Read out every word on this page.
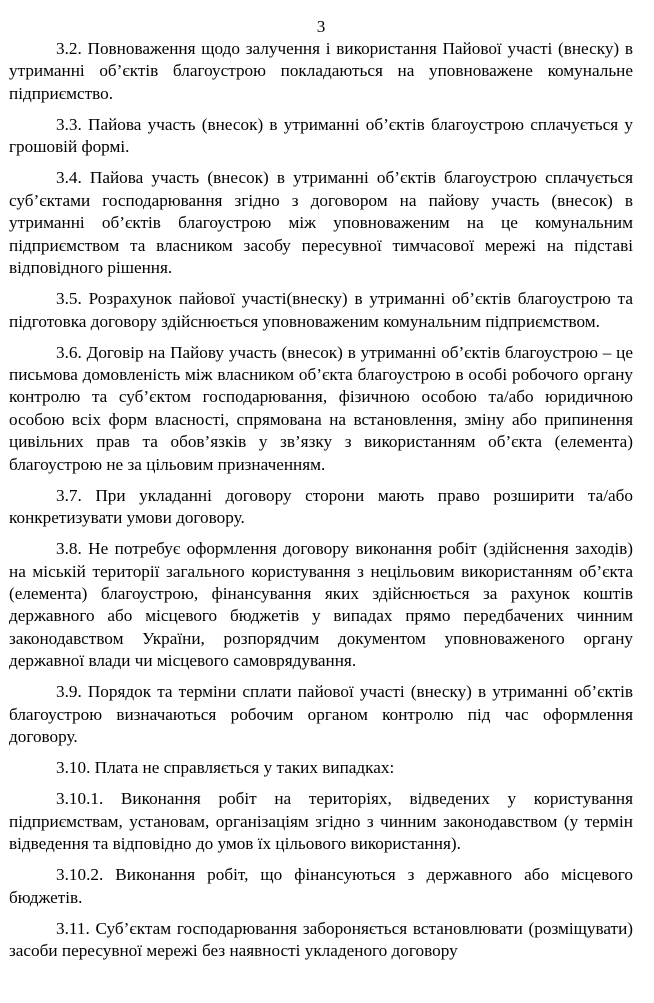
3

3.2. Повноваження щодо залучення і використання Пайової участі (внеску) в утриманні об’єктів благоустрою покладаються на уповноважене комунальне підприємство.

3.3. Пайова участь (внесок) в утриманні об’єктів благоустрою сплачується у грошовій формі.

3.4. Пайова участь (внесок) в утриманні об’єктів благоустрою сплачується суб’єктами господарювання згідно з договором на пайову участь (внесок) в утриманні об’єктів благоустрою між уповноваженим на це комунальним підприємством та власником засобу пересувної тимчасової мережі на підставі відповідного рішення.

3.5. Розрахунок пайової участі(внеску) в утриманні об’єктів благоустрою та підготовка договору здійснюється уповноваженим комунальним підприємством.

3.6. Договір на Пайову участь (внесок) в утриманні об’єктів благоустрою – це письмова домовленість між власником об’єкта благоустрою в особі робочого органу контролю та суб’єктом господарювання, фізичною особою та/або юридичною особою всіх форм власності, спрямована на встановлення, зміну або припинення цивільних прав та обов’язків у зв’язку з використанням об’єкта (елемента) благоустрою не за цільовим призначенням.

3.7. При укладанні договору сторони мають право розширити та/або конкретизувати умови договору.

3.8. Не потребує оформлення договору виконання робіт (здійснення заходів) на міській території загального користування з нецільовим використанням об’єкта (елемента) благоустрою, фінансування яких здійснюється за рахунок коштів державного або місцевого бюджетів у випадах прямо передбачених чинним законодавством України, розпорядчим документом уповноваженого органу державної влади чи місцевого самоврядування.

3.9. Порядок та терміни сплати пайової участі (внеску) в утриманні об’єктів благоустрою визначаються робочим органом контролю під час оформлення договору.

3.10. Плата не справляється у таких випадках:

3.10.1. Виконання робіт на територіях, відведених у користування підприємствам, установам, організаціям згідно з чинним законодавством (у термін відведення та відповідно до умов їх цільового використання).

3.10.2. Виконання робіт, що фінансуються з державного або місцевого бюджетів.

3.11. Суб’єктам господарювання забороняється встановлювати (розміщувати) засоби пересувної мережі без наявності укладеного договору
